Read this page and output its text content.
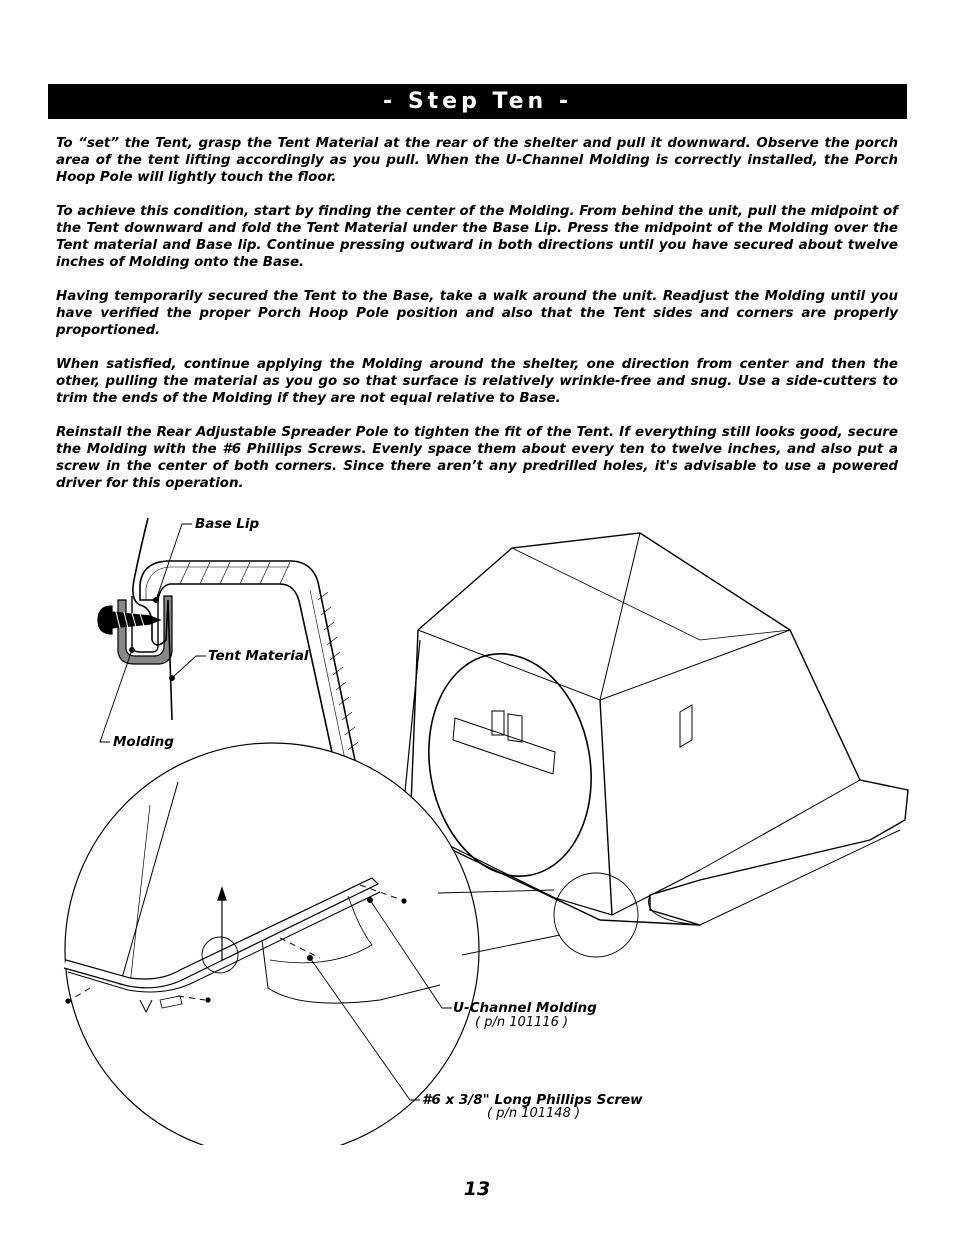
- Step Ten -

To “set” the Tent, grasp the Tent Material at the rear of the shelter and pull it downward. Observe the porch area of the tent lifting accordingly as you pull. When the U-Channel Molding is correctly installed, the Porch Hoop Pole will lightly touch the floor.

To achieve this condition, start by finding the center of the Molding. From behind the unit, pull the midpoint of the Tent downward and fold the Tent Material under the Base Lip. Press the midpoint of the Molding over the Tent material and Base lip. Continue pressing outward in both directions until you have secured about twelve inches of Molding onto the Base.

Having temporarily secured the Tent to the Base, take a walk around the unit. Readjust the Molding until you have verified the proper Porch Hoop Pole position and also that the Tent sides and corners are properly proportioned.

When satisfied, continue applying the Molding around the shelter, one direction from center and then the other, pulling the material as you go so that surface is relatively wrinkle-free and snug. Use a side-cutters to trim the ends of the Molding if they are not equal relative to Base.

Reinstall the Rear Adjustable Spreader Pole to tighten the fit of the Tent. If everything still looks good, secure the Molding with the #6 Phillips Screws. Evenly space them about every ten to twelve inches, and also put a screw in the center of both corners. Since there aren’t any predrilled holes, it's advisable to use a powered driver for this operation.

Base Lip
Tent Material
Molding
U-Channel Molding
( p/n 101116 )
#6 x 3/8" Long Phillips Screw
( p/n 101148 )
13
